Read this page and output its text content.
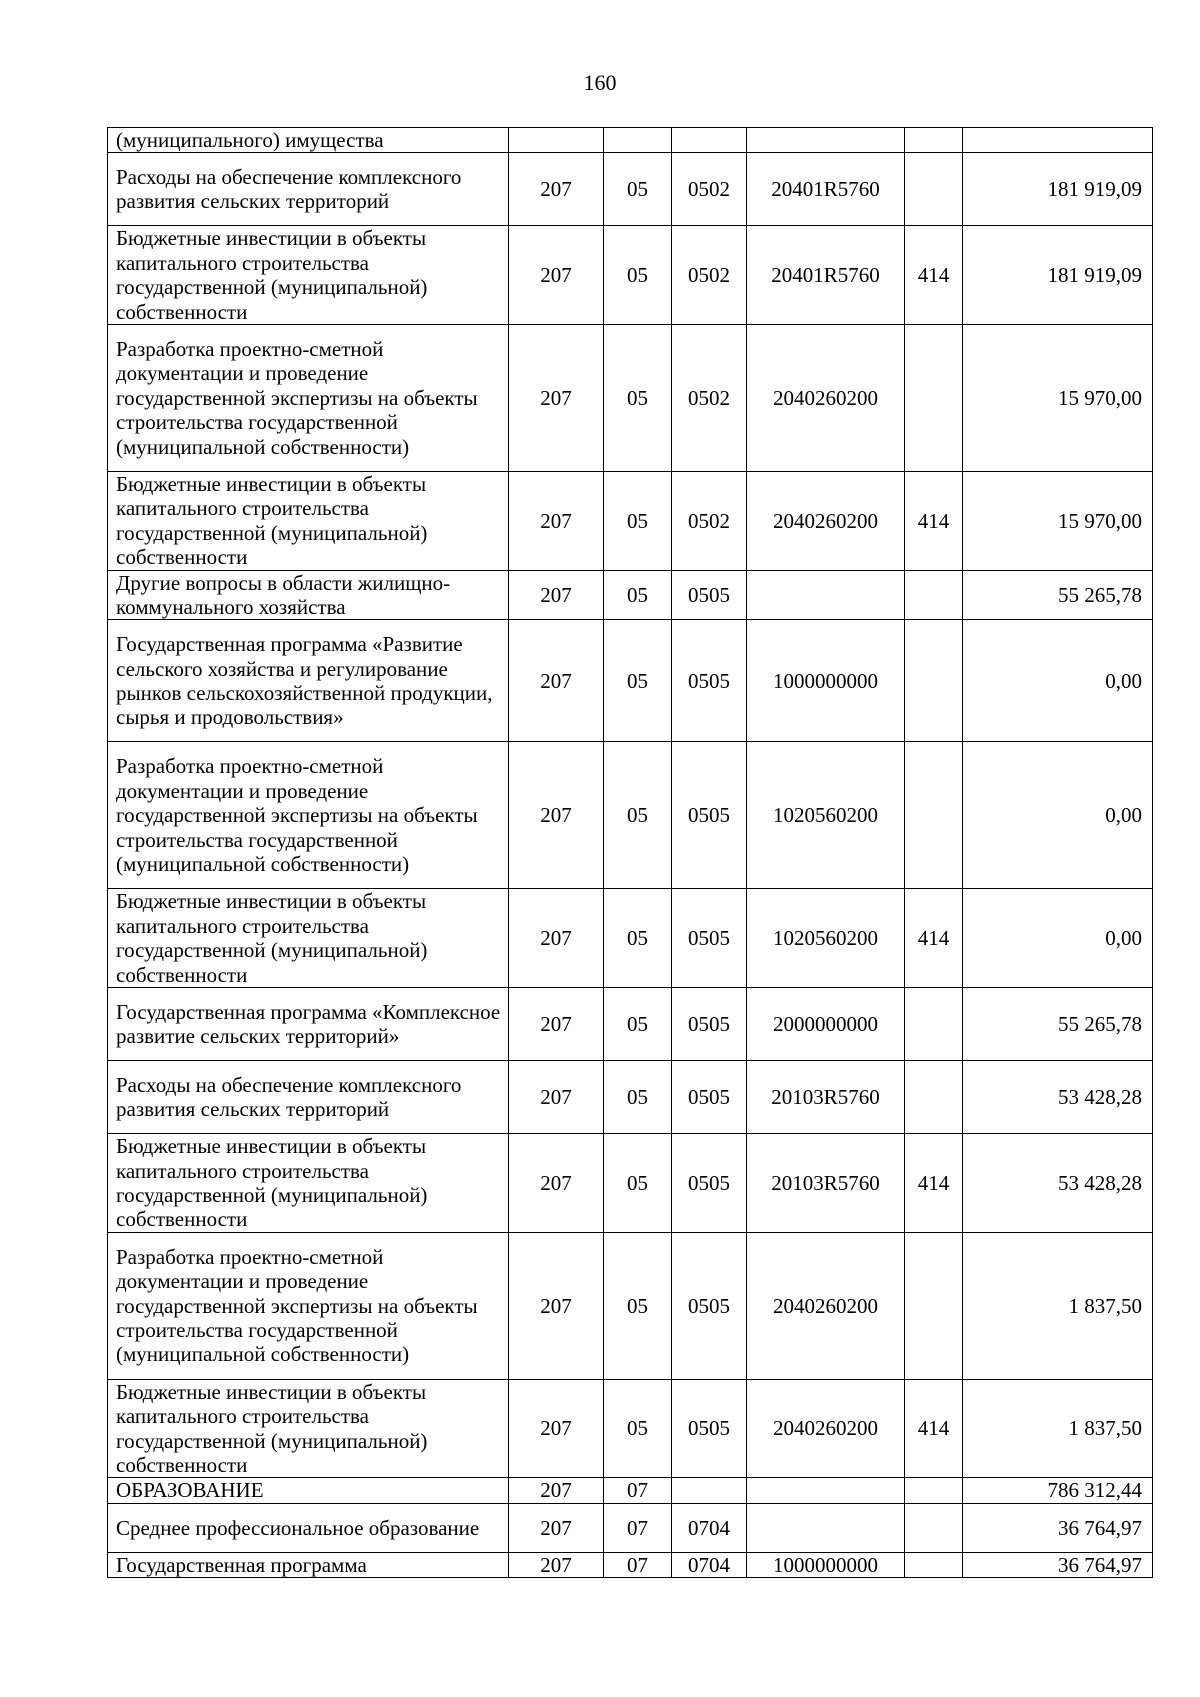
160
(муниципального) имущества						

Расходы на обеспечение комплексного развития сельских территорий	207	05	0502	20401R5760		181 919,09

Бюджетные инвестиции в объекты капитального строительства государственной (муниципальной) собственности	207	05	0502	20401R5760	414	181 919,09

Разработка проектно-сметной документации и проведение государственной экспертизы на объекты строительства государственной (муниципальной собственности)	207	05	0502	2040260200		15 970,00

Бюджетные инвестиции в объекты капитального строительства государственной (муниципальной) собственности	207	05	0502	2040260200	414	15 970,00

Другие вопросы в области жилищно-коммунального хозяйства	207	05	0505			55 265,78

Государственная программа «Развитие сельского хозяйства и регулирование рынков сельскохозяйственной продукции, сырья и продовольствия»	207	05	0505	1000000000		0,00

Разработка проектно-сметной документации и проведение государственной экспертизы на объекты строительства государственной (муниципальной собственности)	207	05	0505	1020560200		0,00

Бюджетные инвестиции в объекты капитального строительства государственной (муниципальной) собственности	207	05	0505	1020560200	414	0,00

Государственная программа «Комплексное развитие сельских территорий»	207	05	0505	2000000000		55 265,78

Расходы на обеспечение комплексного развития сельских территорий	207	05	0505	20103R5760		53 428,28

Бюджетные инвестиции в объекты капитального строительства государственной (муниципальной) собственности	207	05	0505	20103R5760	414	53 428,28

Разработка проектно-сметной документации и проведение государственной экспертизы на объекты строительства государственной (муниципальной собственности)	207	05	0505	2040260200		1 837,50

Бюджетные инвестиции в объекты капитального строительства государственной (муниципальной) собственности	207	05	0505	2040260200	414	1 837,50

ОБРАЗОВАНИЕ	207	07				786 312,44

Среднее профессиональное образование	207	07	0704			36 764,97

Государственная программа	207	07	0704	1000000000		36 764,97
